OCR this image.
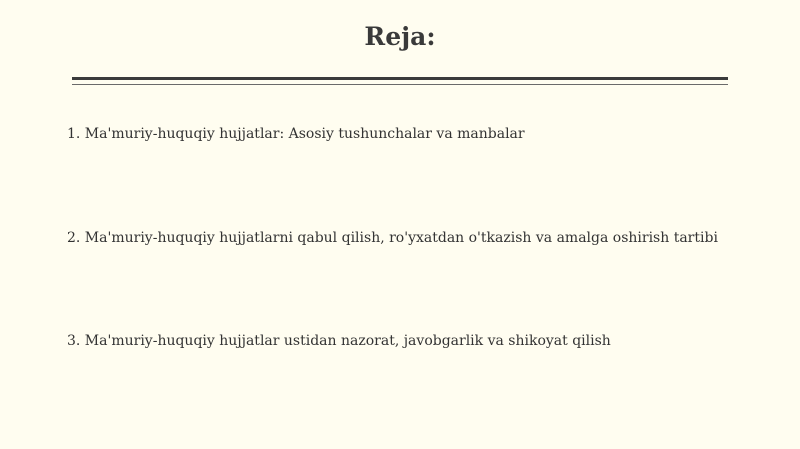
Reja:
1. Ma'muriy-huquqiy hujjatlar: Asosiy tushunchalar va manbalar
2. Ma'muriy-huquqiy hujjatlarni qabul qilish, ro'yxatdan o'tkazish va amalga oshirish tartibi
3. Ma'muriy-huquqiy hujjatlar ustidan nazorat, javobgarlik va shikoyat qilish
